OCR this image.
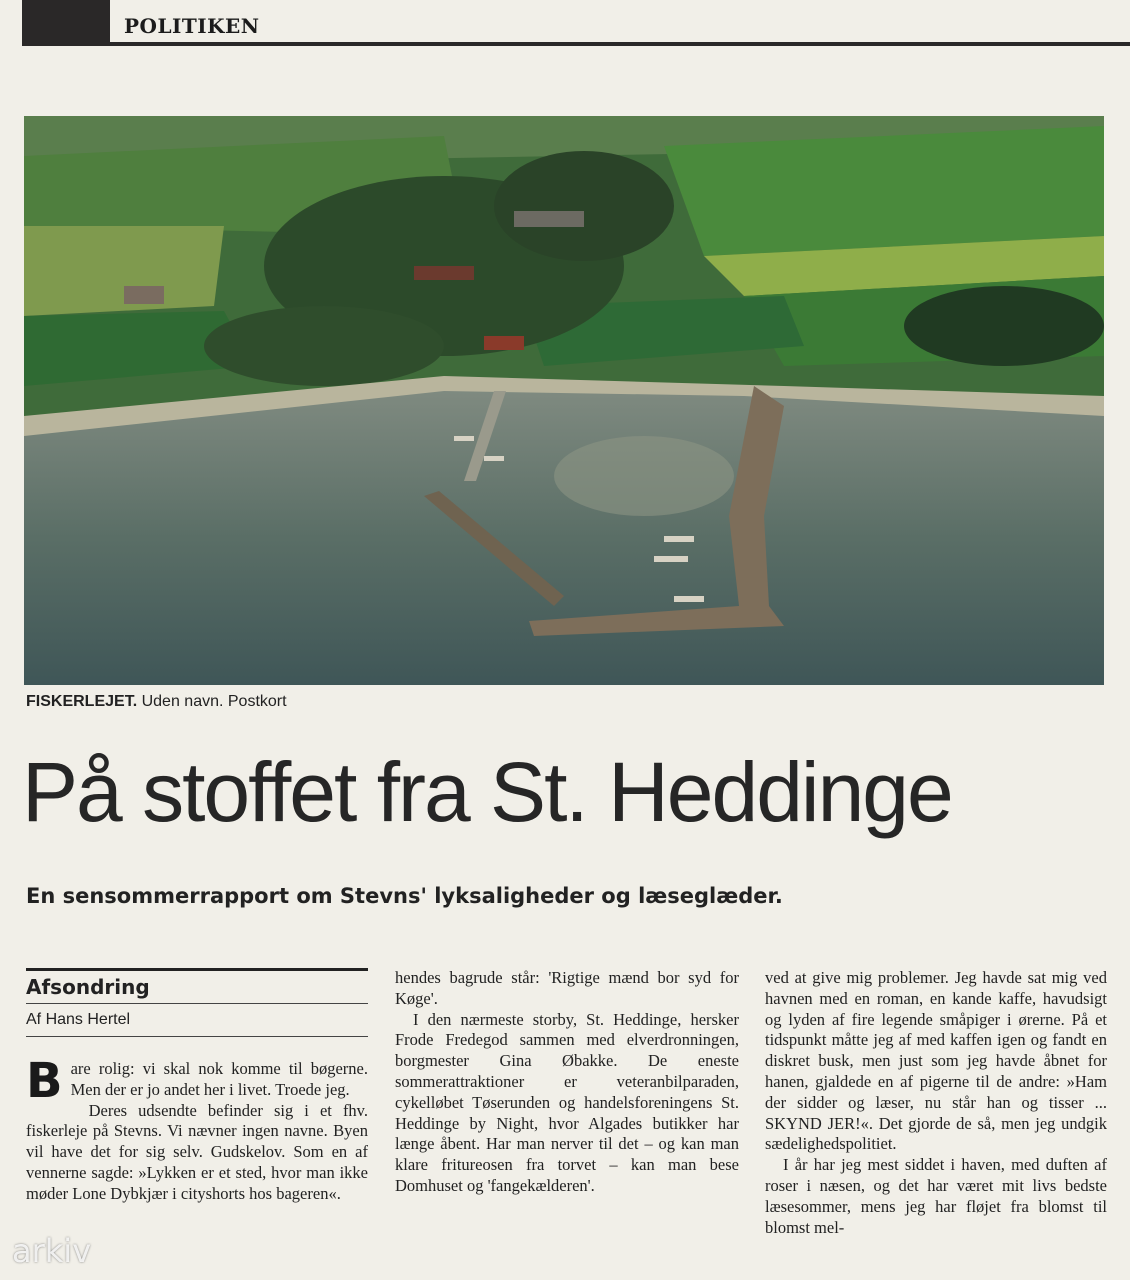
POLITIKEN
FISKERLEJET. Uden navn. Postkort
På stoffet fra St. Heddinge
En sensommerrapport om Stevns' lyksaligheder og læseglæder.
Afsondring
Af Hans Hertel

Bare rolig: vi skal nok komme til bøgerne. Men der er jo andet her i livet. Troede jeg.

Deres udsendte befinder sig i et fhv. fiskerleje på Stevns. Vi nævner ingen navne. Byen vil have det for sig selv. Gudskelov. Som en af vennerne sagde: »Lykken er et sted, hvor man ikke møder Lone Dybkjær i cityshorts hos bageren«.

hendes bagrude står: 'Rigtige mænd bor syd for Køge'.

I den nærmeste storby, St. Heddinge, hersker Frode Fredegod sammen med elverdronningen, borgmester Gina Øbakke. De eneste sommerattraktioner er veteranbilparaden, cykelløbet Tøserunden og handelsforeningens St. Heddinge by Night, hvor Algades butikker har længe åbent. Har man nerver til det – og kan man klare fritureosen fra torvet – kan man bese Domhuset og 'fangekælderen'.

ved at give mig problemer. Jeg havde sat mig ved havnen med en roman, en kande kaffe, havudsigt og lyden af fire legende småpiger i ørerne. På et tidspunkt måtte jeg af med kaffen igen og fandt en diskret busk, men just som jeg havde åbnet for hanen, gjaldede en af pigerne til de andre: »Ham der sidder og læser, nu står han og tisser ... SKYND JER!«. Det gjorde de så, men jeg undgik sædelighedspolitiet.

I år har jeg mest siddet i haven, med duften af roser i næsen, og det har været mit livs bedste læsesommer, mens jeg har fløjet fra blomst til blomst mel-

arkiv
